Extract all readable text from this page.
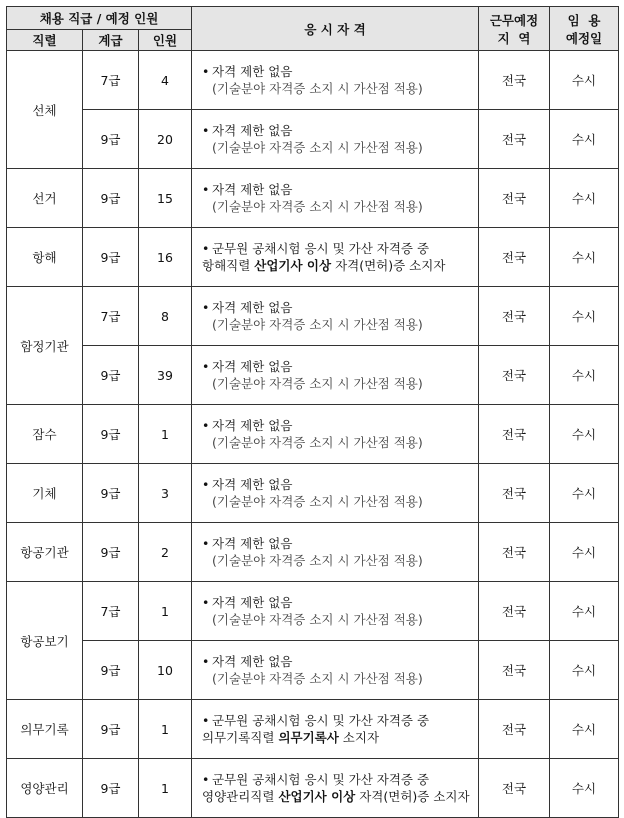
채용 직급 / 예정 인원			응 시 자 격	근무예정
지  역	임  용
예정일
직렬	계급	인원			
선체	7급	4	• 자격 제한 없음
(기술분야 자격증 소지 시 가산점 적용)	전국	수시
	9급	20	• 자격 제한 없음
(기술분야 자격증 소지 시 가산점 적용)	전국	수시
선거	9급	15	• 자격 제한 없음
(기술분야 자격증 소지 시 가산점 적용)	전국	수시
항해	9급	16	• 군무원 공채시험 응시 및 가산 자격증 중
항해직렬 산업기사 이상 자격(면허)증 소지자	전국	수시
함정기관	7급	8	• 자격 제한 없음
(기술분야 자격증 소지 시 가산점 적용)	전국	수시
	9급	39	• 자격 제한 없음
(기술분야 자격증 소지 시 가산점 적용)	전국	수시
잠수	9급	1	• 자격 제한 없음
(기술분야 자격증 소지 시 가산점 적용)	전국	수시
기체	9급	3	• 자격 제한 없음
(기술분야 자격증 소지 시 가산점 적용)	전국	수시
항공기관	9급	2	• 자격 제한 없음
(기술분야 자격증 소지 시 가산점 적용)	전국	수시
항공보기	7급	1	• 자격 제한 없음
(기술분야 자격증 소지 시 가산점 적용)	전국	수시
	9급	10	• 자격 제한 없음
(기술분야 자격증 소지 시 가산점 적용)	전국	수시
의무기록	9급	1	• 군무원 공채시험 응시 및 가산 자격증 중
의무기록직렬 의무기록사 소지자	전국	수시
영양관리	9급	1	• 군무원 공채시험 응시 및 가산 자격증 중
영양관리직렬 산업기사 이상 자격(면허)증 소지자	전국	수시
